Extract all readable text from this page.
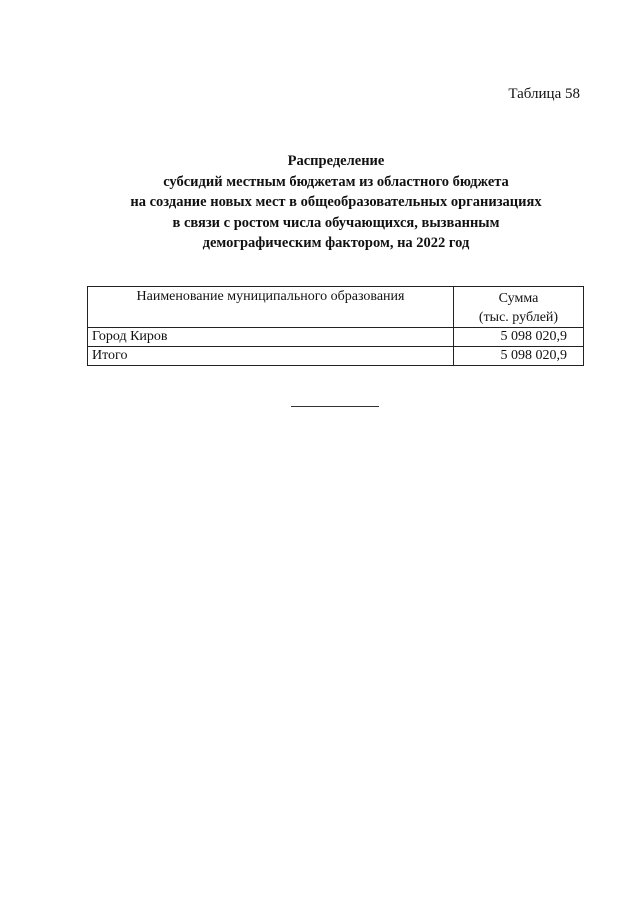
Таблица 58
Распределение
субсидий местным бюджетам из областного бюджета
на создание новых мест в общеобразовательных организациях
в связи с ростом числа обучающихся, вызванным
демографическим фактором, на 2022 год
Наименование муниципального образования	Сумма
(тыс. рублей)

Город Киров	5 098 020,9
Итого	5 098 020,9
